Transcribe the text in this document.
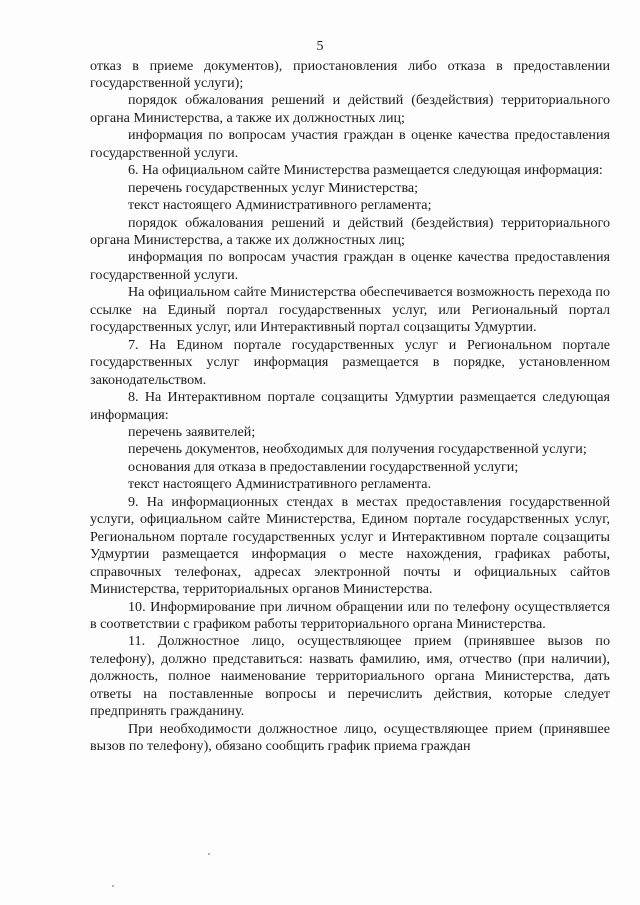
5

отказ в приеме документов), приостановления либо отказа в предоставлении государственной услуги);

порядок обжалования решений и действий (бездействия) территориального органа Министерства, а также их должностных лиц;

информация по вопросам участия граждан в оценке качества предоставления государственной услуги.

6. На официальном сайте Министерства размещается следующая информация:

перечень государственных услуг Министерства;

текст настоящего Административного регламента;

порядок обжалования решений и действий (бездействия) территориального органа Министерства, а также их должностных лиц;

информация по вопросам участия граждан в оценке качества предоставления государственной услуги.

На официальном сайте Министерства обеспечивается возможность перехода по ссылке на Единый портал государственных услуг, или Региональный портал государственных услуг, или Интерактивный портал соцзащиты Удмуртии.

7. На Едином портале государственных услуг и Региональном портале государственных услуг информация размещается в порядке, установленном законодательством.

8. На Интерактивном портале соцзащиты Удмуртии размещается следующая информация:

перечень заявителей;

перечень документов, необходимых для получения государственной услуги;

основания для отказа в предоставлении государственной услуги;

текст настоящего Административного регламента.

9. На информационных стендах в местах предоставления государственной услуги, официальном сайте Министерства, Едином портале государственных услуг, Региональном портале государственных услуг и Интерактивном портале соцзащиты Удмуртии размещается информация о месте нахождения, графиках работы, справочных телефонах, адресах электронной почты и официальных сайтов Министерства, территориальных органов Министерства.

10. Информирование при личном обращении или по телефону осуществляется в соответствии с графиком работы территориального органа Министерства.

11. Должностное лицо, осуществляющее прием (принявшее вызов по телефону), должно представиться: назвать фамилию, имя, отчество (при наличии), должность, полное наименование территориального органа Министерства, дать ответы на поставленные вопросы и перечислить действия, которые следует предпринять гражданину.

При необходимости должностное лицо, осуществляющее прием (принявшее вызов по телефону), обязано сообщить график приема граждан
